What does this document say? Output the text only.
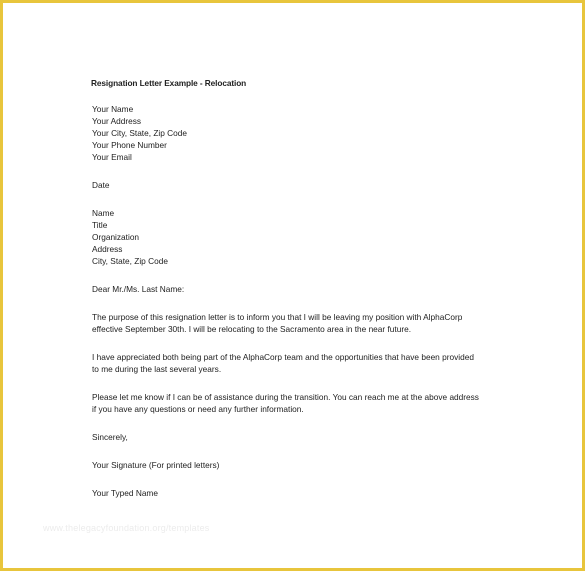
Resignation Letter Example - Relocation
Your Name
Your Address
Your City, State, Zip Code
Your Phone Number
Your Email
Date
Name
Title
Organization
Address
City, State, Zip Code
Dear Mr./Ms. Last Name:
The purpose of this resignation letter is to inform you that I will be leaving my position with AlphaCorp
effective September 30th. I will be relocating to the Sacramento area in the near future.
I have appreciated both being part of the AlphaCorp team and the opportunities that have been provided
to me during the last several years.
Please let me know if I can be of assistance during the transition. You can reach me at the above address
if you have any questions or need any further information.
Sincerely,
Your Signature (For printed letters)
Your Typed Name
www.thelegacyfoundation.org/templates
